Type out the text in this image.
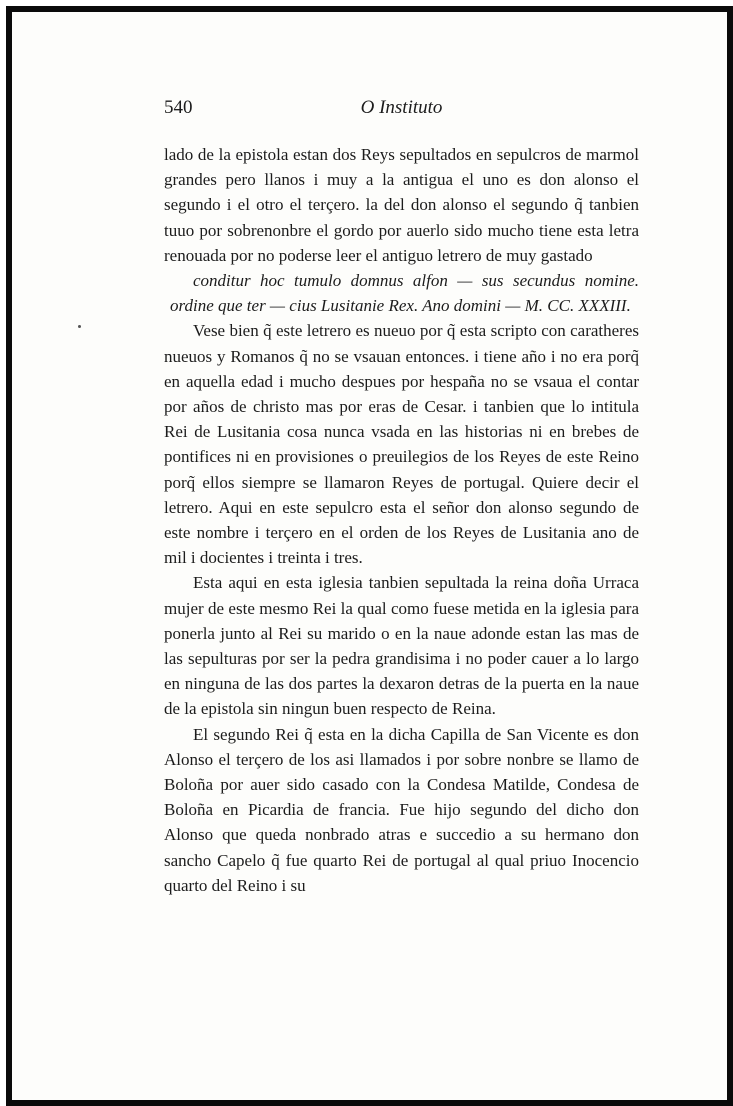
540	O Instituto

lado de la epistola estan dos Reys sepultados en sepulcros de marmol grandes pero llanos i muy a la antigua el uno es don alonso el segundo i el otro el terçero. la del don alonso el segundo q̃ tanbien tuuo por sobrenonbre el gordo por auerlo sido mucho tiene esta letra renouada por no poderse leer el antiguo letrero de muy gastado

conditur hoc tumulo domnus alfon — sus secundus nomine. ordine que ter — cius Lusitanie Rex. Ano domini — M. CC. XXXIII.

Vese bien q̃ este letrero es nueuo por q̃ esta scripto con caratheres nueuos y Romanos q̃ no se vsauan entonces. i tiene año i no era porq̃ en aquella edad i mucho despues por hespaña no se vsaua el contar por años de christo mas por eras de Cesar. i tanbien que lo intitula Rei de Lusitania cosa nunca vsada en las historias ni en brebes de pontifices ni en provisiones o preuilegios de los Reyes de este Reino porq̃ ellos siempre se llamaron Reyes de portugal. Quiere decir el letrero. Aqui en este sepulcro esta el señor don alonso segundo de este nombre i terçero en el orden de los Reyes de Lusitania ano de mil i docientes i treinta i tres.

Esta aqui en esta iglesia tanbien sepultada la reina doña Urraca mujer de este mesmo Rei la qual como fuese metida en la iglesia para ponerla junto al Rei su marido o en la naue adonde estan las mas de las sepulturas por ser la pedra grandisima i no poder cauer a lo largo en ninguna de las dos partes la dexaron detras de la puerta en la naue de la epistola sin ningun buen respecto de Reina.

El segundo Rei q̃ esta en la dicha Capilla de San Vicente es don Alonso el terçero de los asi llamados i por sobre nonbre se llamo de Boloña por auer sido casado con la Condesa Matilde, Condesa de Boloña en Picardia de francia. Fue hijo segundo del dicho don Alonso que queda nonbrado atras e succedio a su hermano don sancho Capelo q̃ fue quarto Rei de portugal al qual priuo Inocencio quarto del Reino i su
